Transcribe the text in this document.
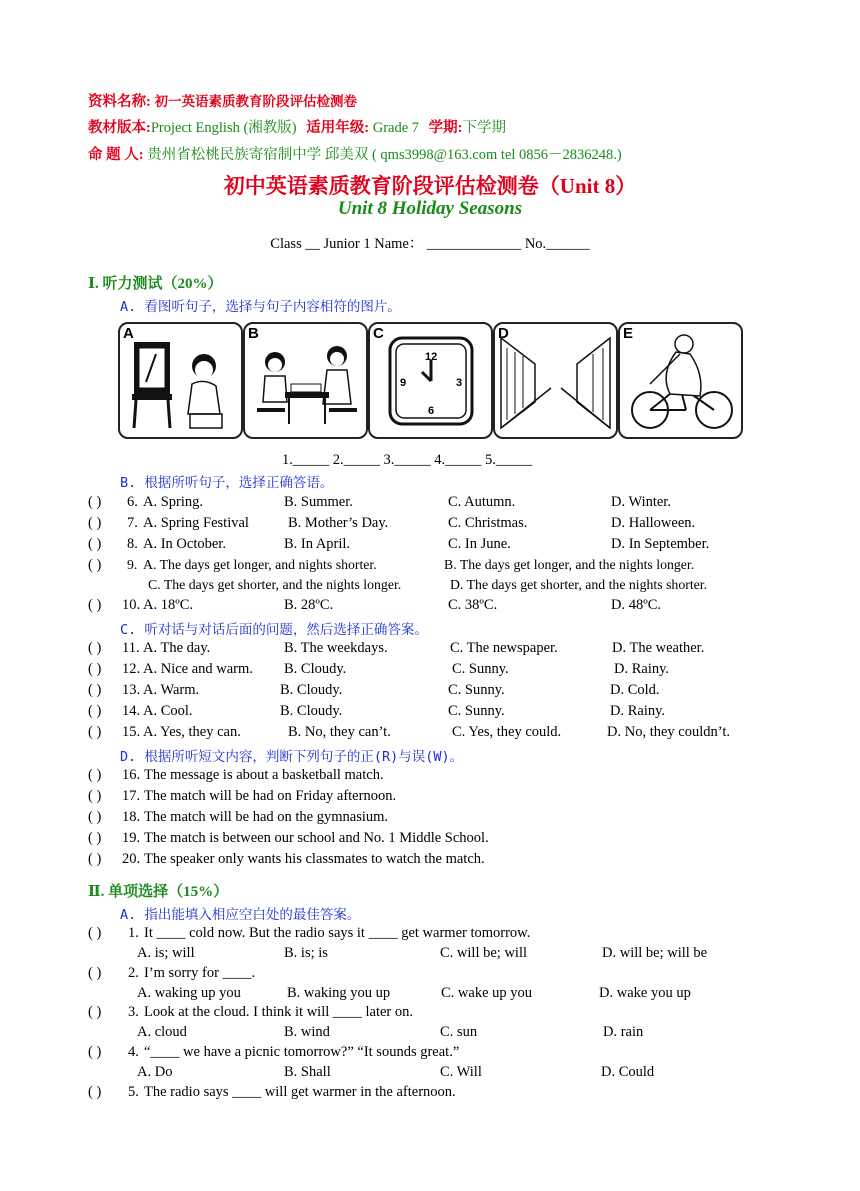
资料名称: 初一英语素质教育阶段评估检测卷
教材版本:Project English (湘教版) 适用年级: Grade 7 学期:下学期
命 题 人: 贵州省松桃民族寄宿制中学 邱美双 ( qms3998@163.com tel 0856－2836248.)
初中英语素质教育阶段评估检测卷（Unit 8）
Unit 8 Holiday Seasons
Class __ Junior 1 Name： _____________ No.______
Ⅰ. 听力测试（20%）
A. 看图听句子，选择与句子内容相符的图片。
A	B	C
12
3
6
9
D	E
1._____ 2._____ 3._____ 4._____ 5._____
B. 根据所听句子，选择正确答语。
( ) 6. A. Spring.	B. Summer.	C. Autumn.	D. Winter.
( ) 7. A. Spring Festival	B. Mother’s Day.	C. Christmas.	D. Halloween.
( ) 8. A. In October.	B. In April.	C. In June.	D. In September.
( ) 9. A. The days get longer, and nights shorter.	B. The days get longer, and the nights longer.
C. The days get shorter, and the nights longer.	D. The days get shorter, and the nights shorter.
( ) 10. A. 18ºC.	B. 28ºC.	C. 38ºC.	D. 48ºC.
C. 听对话与对话后面的问题，然后选择正确答案。
( ) 11. A. The day.	B. The weekdays.	C. The newspaper.	D. The weather.
( ) 12. A. Nice and warm. B. Cloudy.	C. Sunny.	D. Rainy.
( ) 13. A. Warm.	B. Cloudy.	C. Sunny.	D. Cold.
( ) 14. A. Cool.	B. Cloudy.	C. Sunny.	D. Rainy.
( ) 15. A. Yes, they can.	B. No, they can’t.	C. Yes, they could.	D. No, they couldn’t.
D. 根据所听短文内容，判断下列句子的正(R)与误(W)。
( ) 16. The message is about a basketball match.
( ) 17. The match will be had on Friday afternoon.
( ) 18. The match will be had on the gymnasium.
( ) 19. The match is between our school and No. 1 Middle School.
( ) 20. The speaker only wants his classmates to watch the match.
Ⅱ. 单项选择（15%）
A. 指出能填入相应空白处的最佳答案。
( ) 1. It ____ cold now. But the radio says it ____ get warmer tomorrow.
A. is; will	B. is; is	C. will be; will	D. will be; will be
( ) 2. I’m sorry for ____.
A. waking up you	B. waking you up	C. wake up you	D. wake you up
( ) 3. Look at the cloud. I think it will ____ later on.
A. cloud	B. wind	C. sun	D. rain
( ) 4. “____ we have a picnic tomorrow?” “It sounds great.”
A. Do	B. Shall	C. Will	D. Could
( ) 5. The radio says ____ will get warmer in the afternoon.
